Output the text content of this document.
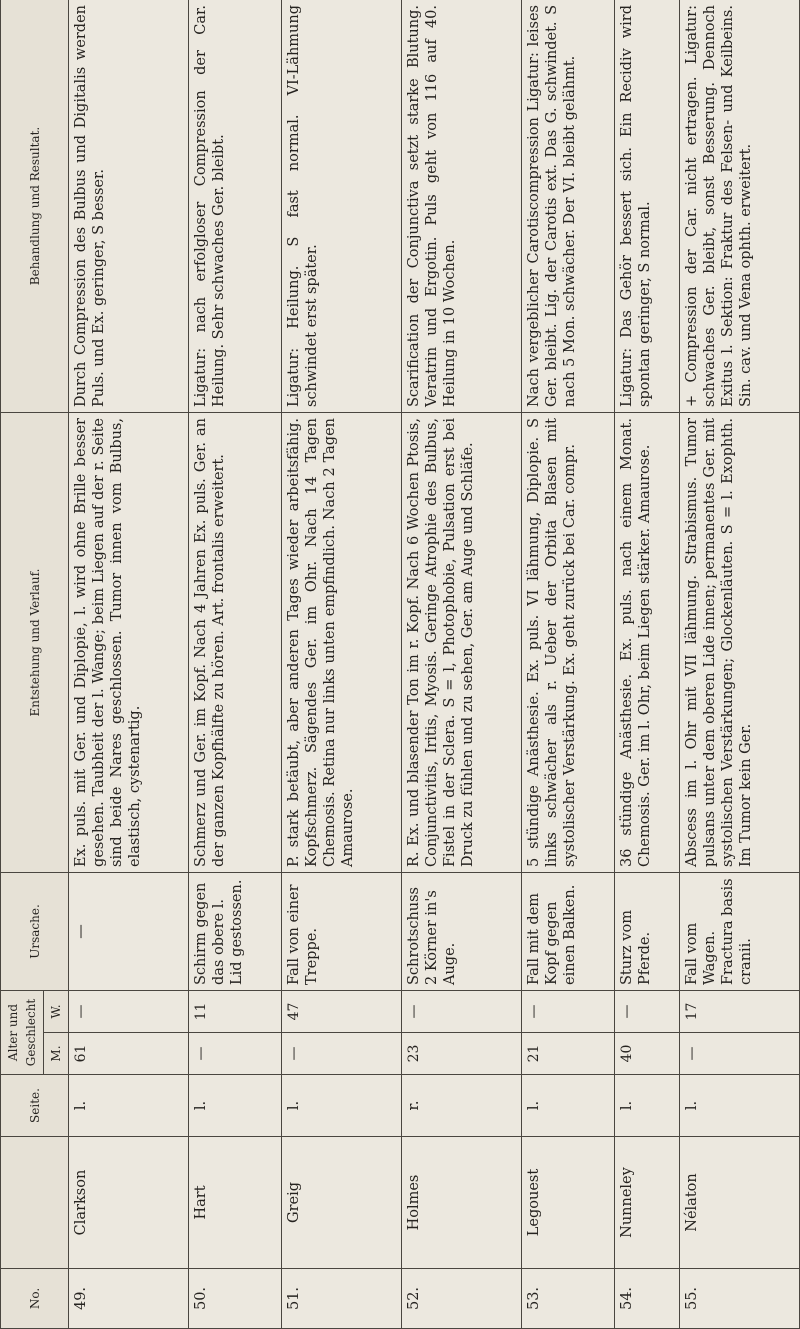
No.		Seite.	Alter und Geschlecht		Ursache.	Entstehung und Verlauf.	Behandlung und Resultat.
			M.	W.			
49.	Clarkson	l.	61	—	—	Ex. puls. mit Ger. und Diplopie, l. wird ohne Brille besser gesehen. Taubheit der l. Wange; beim Liegen auf der r. Seite sind beide Nares geschlossen. Tumor innen vom Bulbus, elastisch, cystenartig.	Durch Compression des Bulbus und Digitalis werden Puls. und Ex. geringer, S besser.
50.	Hart	l.	—	11	Schirm gegen das obere l. Lid gestossen.	Schmerz und Ger. im Kopf. Nach 4 Jahren Ex. puls. Ger. an der ganzen Kopfhälfte zu hören. Art. frontalis erweitert.	Ligatur: nach erfolgloser Compression der Car. Heilung. Sehr schwaches Ger. bleibt.
51.	Greig	l.	—	47	Fall von einer Treppe.	P. stark betäubt, aber anderen Tages wieder arbeitsfähig. Kopfschmerz. Sägendes Ger. im Ohr. Nach 14 Tagen Chemosis. Retina nur links unten empfindlich. Nach 2 Tagen Amaurose.	Ligatur: Heilung. S fast normal. VI-Lähmung schwindet erst später.
52.	Holmes	r.	23	—	Schrotschuss 2 Körner in's Auge.	R. Ex. und blasender Ton im r. Kopf. Nach 6 Wochen Ptosis, Conjunctivitis, Iritis, Myosis. Geringe Atrophie des Bulbus, Fistel in der Sclera. S = l, Photophobie, Pulsation erst bei Druck zu fühlen und zu sehen, Ger. am Auge und Schläfe.	Scarification der Conjunctiva setzt starke Blutung. Veratrin und Ergotin. Puls geht von 116 auf 40. Heilung in 10 Wochen.
53.	Legouest	l.	21	—	Fall mit dem Kopf gegen einen Balken.	5 stündige Anästhesie. Ex. puls. VI lähmung, Diplopie. S links schwächer als r. Ueber der Orbita Blasen mit systolischer Verstärkung. Ex. geht zurück bei Car. compr.	Nach vergeblicher Carotiscompression Ligatur: leises Ger. bleibt. Lig. der Carotis ext. Das G. schwindet. S nach 5 Mon. schwächer. Der VI. bleibt gelähmt.
54.	Nunneley	l.	40	—	Sturz vom Pferde.	36 stündige Anästhesie. Ex. puls. nach einem Monat. Chemosis. Ger. im l. Ohr, beim Liegen stärker. Amaurose.	Ligatur: Das Gehör bessert sich. Ein Recidiv wird spontan geringer, S normal.
55.	Nélaton	l.	—	17	Fall vom Wagen. Fractura basis cranii.	Abscess im l. Ohr mit VII lähmung. Strabismus. Tumor pulsans unter dem oberen Lide innen; permanentes Ger. mit systolischen Verstärkungen; Glockenläuten. S = l. Exophth. Im Tumor kein Ger.	+ Compression der Car. nicht ertragen. Ligatur: schwaches Ger. bleibt, sonst Besserung. Dennoch Exitus l. Sektion: Fraktur des Felsen- und Keilbeins. Sin. cav. und Vena ophth. erweitert.
